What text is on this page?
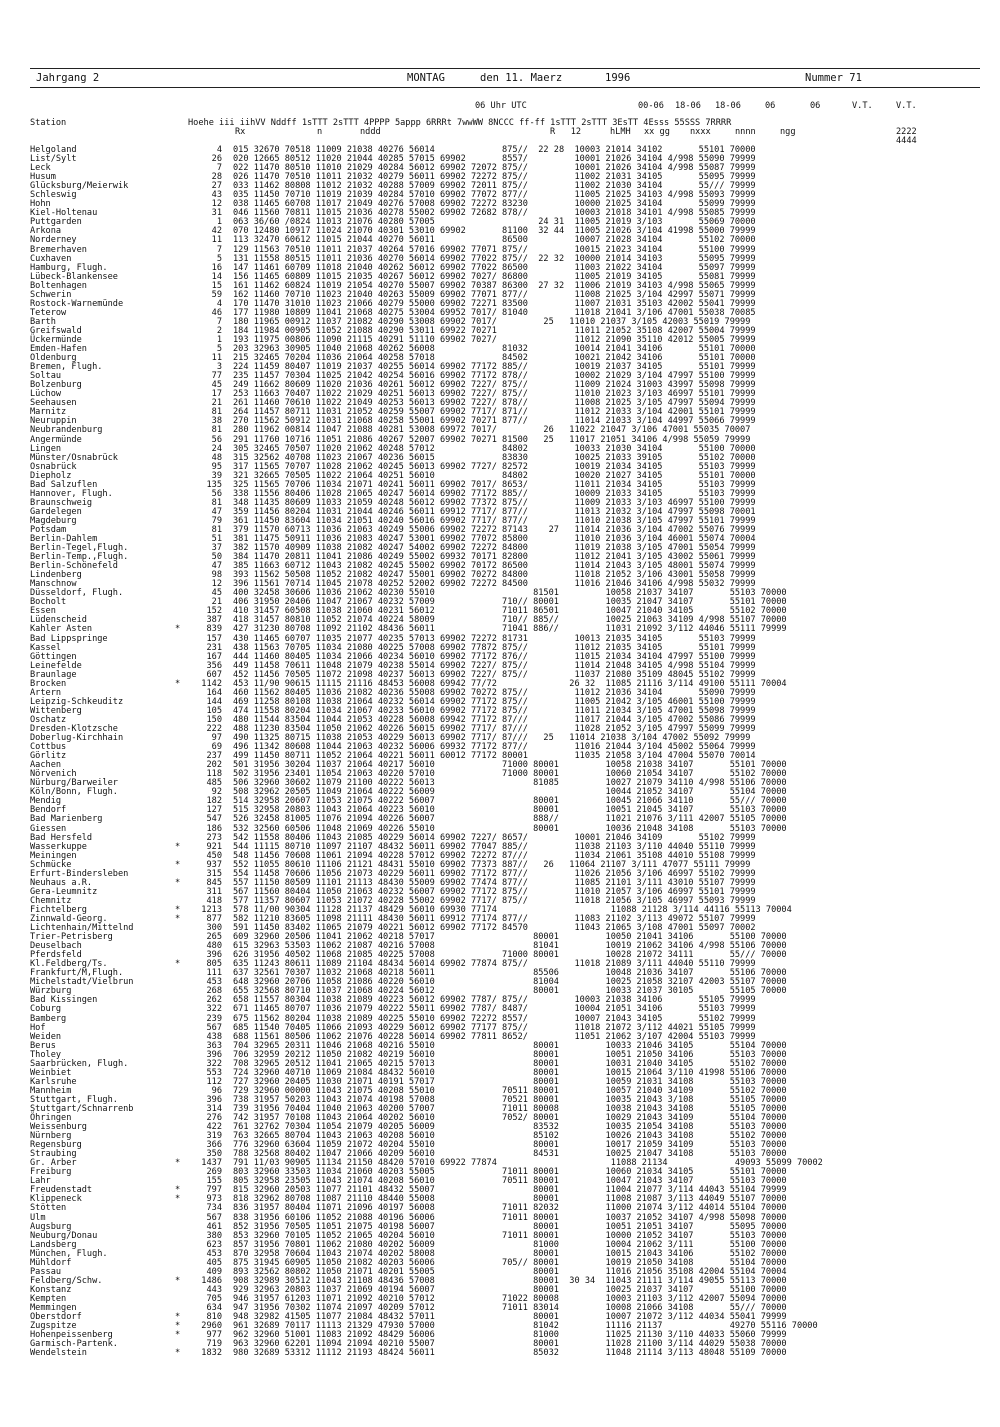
Jahrgang 2	MONTAG	den 11. Maerz	1996	Nummer 71

06 Uhr UTC

	00-06

18-06

18-06

	06

	06

	V.T.

	V.T.

Station

	Hoehe iii iihVV Nddff 1sTTT 2sTTT 4PPPP 5appp 6RRRt 7wwWW 8NCCC ff-ff 1sTTT 2sTTT 3EsTT 4Esss 55SSS 7RRRR

Rx

	n

	nddd

	R   12

	hLMH

xx gg

nxxx

	nnnn

	ngg

	2222

4444

Helgoland	4 015 32670 70518 11009 21038 40276 56014             875//  22 28  10003 21014 34102       55101 70000
List/Sylt	26 020 12665 80512 11020 21044 40285 57015 69902       8557/         10001 21026 34104 4/998 55090 79999
Leck	7 022 11470 80510 11010 21029 40284 56012 69902 72072 875//         10001 21026 34104 4/998 55087 79999
Husum	28 026 11470 70510 11011 21032 40279 56011 69902 72272 875//         11002 21031 34105       55095 79999
Glücksburg/Meierwik	27 033 11462 80808 11012 21032 40288 57009 69902 72011 875//         11002 21030 34104       55/// 79999
Schleswig	43 035 11450 70710 11019 21039 40284 57010 69902 77072 877//         11005 21025 34103 4/998 55093 79999
Hohn	12 038 11465 60708 11017 21049 40276 57008 69902 72272 83230         10000 21025 34104       55099 79999
Kiel-Holtenau	31 046 11560 70811 11015 21036 40278 55002 69902 72682 878//         10003 21018 34101 4/998 55085 79999
Puttgarden	1 063 36/60 /0824 11013 21076 40280 57005                    24 31  11005 21019 3/103       55069 70000
Arkona	42 070 12480 10917 11024 21070 40301 53010 69902       81100  32 44  11005 21026 3/104 41998 55000 79999
Norderney	11 113 32470 60612 11015 21044 40270 56011             86500         10007 21028 34104       55102 70000
Bremerhaven	7 129 11563 70510 11011 21037 40264 57016 69902 77071 875//         10015 21023 34104       55100 79999
Cuxhaven	5 131 11558 80515 11011 21036 40270 56014 69902 77022 875//  22 32  10000 21014 34103       55095 79999
Hamburg, Flugh.	16 147 11461 60709 11018 21040 40262 56012 69902 77022 86500         11003 21022 34104       55097 79999
Lübeck-Blankensee	14 156 11465 60809 11015 21035 40267 56012 69902 7027/ 86800         11005 21019 34105       55081 79999
Boltenhagen	15 161 11462 60824 11019 21054 40270 55007 69902 70387 86300  27 32  11006 21019 34103 4/998 55065 79999
Schwerin	59 162 11460 70710 11023 21040 40263 55009 69902 77071 877//         11008 21025 3/104 42997 55071 79999
Rostock-Warnemünde	4 170 11470 31010 11023 21066 40279 55000 69902 72271 83500         11007 21031 35103 42002 55041 79999
Teterow	46 177 11980 10809 11041 21068 40275 53004 69952 7017/ 81040         11018 21041 3/106 47001 55038 70085
Barth	7 180 11965 00912 11037 21082 40290 53008 69902 7017/         25   11010 21037 3/105 42003 55019 79999
Greifswald	2 184 11984 00905 11052 21088 40290 53011 69922 70271               11011 21052 35108 42007 55004 79999
Ückermünde	1 193 11975 00806 11090 21115 40291 51110 69902 7027/               11012 21090 35110 42012 55005 79999
Emden-Hafen	5 203 32963 30905 11040 21068 40262 56008             81032         10014 21041 34106       55101 70000
Oldenburg	11 215 32465 70204 11036 21064 40258 57018             84502         10021 21042 34106       55101 70000
Bremen, Flugh.	3 224 11459 80407 11019 21037 40255 56014 69902 77172 885//         10019 21037 34105       55101 79999
Soltau	77 235 11457 70304 11025 21042 40254 56016 69902 77172 878//         10002 21029 3/104 47997 55100 79999
Bolzenburg	45 249 11662 80609 11020 21036 40261 56012 69902 7227/ 875//         11009 21024 31003 43997 55098 79999
Lüchow	17 253 11663 70407 11022 21029 40251 56013 69902 7227/ 875//         11010 21023 3/103 46997 55101 79999
Seehausen	21 261 11460 70610 11022 21049 40253 56013 69902 7227/ 878//         11008 21025 3/105 47997 55094 79999
Marnitz	81 264 11457 80711 11031 21052 40259 55007 69902 7717/ 871//         11012 21033 3/104 42001 55101 79999
Neuruppin	38 270 11562 50912 11031 21068 40258 55001 69902 70271 877//         11014 21033 3/104 44997 55066 79999
Neubrandenburg	81 280 11962 00814 11047 21088 40281 53008 69972 7017/         26   11022 21047 3/106 47001 55035 70007
Angermünde	56 291 11760 10716 11051 21086 40267 52007 69902 70271 81500   25   11017 21051 34106 4/998 55059 79999
Lingen	24 305 32465 70507 11020 21062 40248 57012             84802         10033 21030 34104       55100 70000
Münster/Osnabrück	48 315 32562 40708 11023 21067 40236 56015             83830         10025 21033 39105       55102 70000
Osnabrück	95 317 11565 70707 11028 21062 40245 56013 69902 7727/ 82572         10019 21034 34105       55103 79999
Diepholz	39 321 32665 70505 11022 21064 40251 56010             84802         10020 21027 34105       55101 70000
Bad Salzuflen	135 325 11565 70706 11034 21071 40241 56011 69902 7017/ 8653/         11011 21034 34105       55103 79999
Hannover, Flugh.	56 338 11556 80406 11028 21065 40247 56014 69902 77172 885//         10009 21033 34105       55103 79999
Braunschweig	81 348 11435 80609 11033 21059 40248 56012 69902 77372 875//         11009 21033 3/103 46997 55100 79999
Gardelegen	47 359 11456 80204 11031 21044 40246 56011 69912 7717/ 877//         11013 21032 3/104 47997 55098 70001
Magdeburg	79 361 11450 83604 11034 21051 40240 56016 69902 7717/ 877//         11010 21038 3/105 47997 55101 79999
Potsdam	81 379 11570 60713 11036 21063 40249 55006 69902 72272 87143    27   11014 21036 3/104 47002 55076 79999
Berlin-Dahlem	51 381 11475 50911 11036 21083 40247 53001 69902 77072 85800         11010 21036 3/104 46001 55074 70004
Berlin-Tegel,Flugh.	37 382 11570 40909 11038 21082 40247 54002 69902 72272 84800         11019 21038 3/105 47001 55054 79999
Berlin-Temp.,Flugh.	50 384 11470 20811 11041 21086 40249 55002 69932 70171 82800         11012 21041 3/105 43002 55061 79999
Berlin-Schönefeld	47 385 11663 60712 11043 21082 40245 55002 69902 70172 86500         11014 21043 3/105 48001 55074 79999
Lindenberg	98 393 11562 50508 11052 21082 40247 55001 69902 70272 84800         11018 21052 3/106 43001 55058 79999
Manschnow	12 396 11561 70714 11045 21078 40252 52002 69902 72272 84500         11016 21046 34106 4/998 55032 79999
Düsseldorf, Flugh.	45 400 32458 30606 11036 21062 40230 55010                   81501         10058 21037 34107       55103 70000
Bocholt	21 406 31950 20406 11047 21067 40232 57009             710// 80001         10035 21047 34107       55101 70000
Essen	152 410 31457 60508 11038 21060 40231 56012             71011 86501         10047 21040 34105       55102 70000
Lüdenscheid	387 418 31457 80810 11052 21074 40224 58009             710// 885//         10025 21063 34109 4/998 55107 70000
Kahler Asten	*	839 427 31230 80708 11092 21102 48436 56011             71041 886//         11031 21092 3/112 44046 55111 79999
Bad Lippspringe	157 430 11465 60707 11035 21077 40235 57013 69902 72272 81731         10013 21035 34105       55103 79999
Kassel	231 438 11563 70705 11034 21080 40225 57008 69902 77872 875//         11012 21035 34105       55101 79999
Göttingen	167 444 11460 80405 11034 21066 40234 56010 69902 77172 876//         11015 21034 34104 47997 55100 79999
Leinefelde	356 449 11458 70611 11048 21079 40238 55014 69902 7227/ 875//         11014 21048 34105 4/998 55104 79999
Braunlage	607 452 11456 70505 11072 21098 40237 56013 69902 7227/ 875//         11037 21080 35109 48045 55102 79999
Brocken	*	1142 453 11/90 90615 11115 21116 48453 56008 69942 77/72              26 32  11085 21116 3/114 49100 55111 70004
Artern	164 460 11562 80405 11036 21082 40236 55008 69902 70272 875//         11012 21036 34104       55090 79999
Leipzig-Schkeuditz	144 469 11258 80108 11038 21064 40232 56014 69902 77172 875//         11005 21042 3/105 46001 55100 79999
Wittenberg	105 474 11558 80204 11034 21067 40233 56010 69902 77172 875//         11011 21034 3/105 47001 55098 79999
Oschatz	150 480 11544 83504 11044 21053 40228 56008 69942 77172 87///         11017 21044 3/105 47002 55086 79999
Dresden-Klotzsche	222 488 11230 83504 11050 21062 40226 56015 69902 7717/ 87///         11028 21052 3/105 47997 55099 79999
Doberlug-Kirchhain	97 490 11325 80715 11038 21053 40229 56013 69902 7717/ 87///   25   11014 21038 3/104 47002 55092 79999
Cottbus	69 496 11342 80608 11044 21063 40232 56006 69932 77172 877//         11016 21044 3/104 45002 55064 79999
Görlitz	237 499 11450 80711 11052 21064 40221 56011 60012 77172 80001         11035 21058 3/104 47004 55070 70014
Aachen	202 501 31956 30204 11037 21064 40217 56010             71000 80001         10058 21038 34107       55101 70000
Nörvenich	118 502 31956 23401 11054 21063 40220 57010             71000 80001         10060 21054 34107       55102 70000
Nürburg/Barweiler	485 506 32960 30602 11079 21100 40222 56013                   81085         10027 21079 34110 4/998 55106 70000
Köln/Bonn, Flugh.	92 508 32962 20505 11049 21064 40222 56009                                 10044 21052 34107       55104 70000
Mendig	182 514 32958 20607 11053 21075 40222 56007                   80001         10045 21066 34110       55/// 70000
Bendorf	127 515 32958 20803 11043 21064 40223 56010                   80001         10051 21045 34107       55103 70000
Bad Marienberg	547 526 32458 81005 11076 21094 40226 56007                   888//         11021 21076 3/111 42007 55105 70000
Giessen	186 532 32560 60506 11048 21069 40226 55010                   80001         10036 21048 34108       55103 70000
Bad Hersfeld	273 542 11558 80406 11043 21085 40229 56014 69902 7227/ 8657/         10001 21046 34109       55102 79999
Wasserkuppe	*	921 544 11115 80710 11097 21107 48432 56011 69902 77047 885//         11038 21103 3/110 44040 55110 79999
Meiningen	450 548 11456 70608 11061 21094 40228 57012 69902 72272 87///         11034 21061 35108 44010 55108 79999
Schmücke	*	937 552 11055 80610 11106 21121 48431 55010 69902 77373 887//   26   11064 21107 3/111 47077 55111 79999
Erfurt-Bindersleben	315 554 11458 70606 11056 21073 40229 56011 69902 77172 877//         11026 21056 3/106 46997 55102 79999
Neuhaus a.R.	*	845 557 11150 80509 11101 21113 48430 55009 69902 77474 877//         11085 21101 3/111 43010 55107 79999
Gera-Leumnitz	311 567 11560 80404 11050 21063 40232 56007 69902 77172 875//         11010 21057 3/106 46997 55101 79999
Chemnitz	418 577 11357 80607 11053 21072 40228 55002 69902 7717/ 875//         11018 21056 3/105 46997 55093 79999
Fichtelberg	*	1213 578 11/00 90304 11128 21137 48429 56010 69930 77174                      11088 21128 3/114 44116 55113 70004
Zinnwald-Georg.	*	877 582 11210 83605 11098 21111 48430 56011 69912 77174 877//         11083 21102 3/113 49072 55107 79999
Lichtenhain/Mittelnd	300 591 11450 83402 11065 21079 40221 56012 69902 77172 84570         11043 21065 3/108 47001 55097 70002
Trier-Petrisberg	265 609 32960 20506 11041 21062 40218 57017                   80001         10050 21041 34106       55100 70000
Deuselbach	480 615 32963 53503 11062 21087 40216 57008                   81041         10019 21062 34106 4/998 55106 70000
Pferdsfeld	396 626 31956 40502 11068 21085 40225 57008             71000 80001         10028 21072 34111       55/// 70000
Kl.Feldberg/Ts.	*	805 635 11243 80611 11089 21104 48434 56014 69902 77874 875//         11018 21089 3/111 44040 55110 79999
Frankfurt/M,Flugh.	111 637 32561 70307 11032 21068 40218 56011                   85506         10048 21036 34107       55106 70000
Michelstadt/Vielbrun	453 648 32960 20706 11058 21086 40220 56010                   81004         10025 21058 32107 42003 55107 70000
Würzburg	268 655 32568 80710 11037 21068 40224 56012                   80001         10033 21037 30105       55105 70000
Bad Kissingen	262 658 11557 80304 11038 21089 40223 56012 69902 7787/ 875//         10003 21038 34106       55105 79999
Coburg	322 671 11465 80707 11036 21079 40222 55011 69902 7787/ 8487/         10004 21051 34106       55103 79999
Bamberg	239 675 11562 80204 11038 21089 40225 55010 69902 72272 8557/         10007 21043 34105       55102 79999
Hof	567 685 11540 70405 11066 21093 40229 56012 69902 77177 875//         11018 21072 3/112 44021 55105 79999
Weiden	438 688 11561 80506 11062 21076 40228 56014 69902 77811 8652/         11051 21062 3/107 42004 55103 79999
Berus	363 704 32965 20311 11046 21068 40216 55010                   80001         10033 21046 34105       55104 70000
Tholey	396 706 32959 20212 11050 21082 40219 56010                   80001         10051 21050 34106       55103 70000
Saarbrücken, Flugh.	322 708 32965 20512 11041 21065 40215 57013                   80001         10031 21040 34105       55102 70000
Weinbiet	553 724 32960 40710 11069 21084 48432 56010                   80001         10015 21064 3/110 41998 55106 70000
Karlsruhe	112 727 32960 20405 11030 21071 40191 57017                   80001         10059 21031 34108       55103 70000
Mannheim	96 729 32960 00000 11043 21075 40208 55010             70511 80001         10057 21040 34109       55102 70000
Stuttgart, Flugh.	396 738 31957 50203 11043 21074 40198 57008             70521 80001         10035 21043 3/108       55105 70000
Stuttgart/Schnarrenb	314 739 31956 70404 11040 21063 40200 57007             71011 80008         10038 21043 34108       55105 70000
Öhringen	276 742 31957 70108 11043 21064 40202 56010             7052/ 80001         10029 21043 34109       55104 70000
Weissenburg	422 761 32762 70304 11054 21079 40205 56009                   83532         10035 21054 34108       55103 70000
Nürnberg	319 763 32665 80704 11043 21063 40208 56010                   85102         10026 21043 34108       55102 70000
Regensburg	366 776 32960 63604 11059 21072 40204 55010                   80001         10017 21059 34109       55103 70000
Straubing	350 788 32568 80402 11047 21066 40209 56010                   84531         10025 21047 34108       55103 70000
Gr. Arber	*	1437 791 11/03 90905 11134 21150 48420 57010 69922 77874                      11088 21134             49093 55099 70002
Freiburg	269 803 32960 33503 11034 21060 40203 55005             71011 80001         10060 21034 34105       55101 70000
Lahr	155 805 32958 23505 11043 21074 40208 56010             70511 80001         10047 21043 34107       55103 70000
Freudenstadt	*	797 815 32960 20503 11077 21101 48432 55007                   80001         11004 21077 3/114 44043 55104 79999
Klippeneck	*	973 818 32962 80708 11087 21110 48440 55008                   80001         11008 21087 3/113 44049 55107 70000
Stötten	734 836 31957 80404 11071 21096 40197 56008             71011 82032         11000 21074 3/112 44014 55104 70000
Ulm	567 838 31956 60106 11052 21088 40196 56006             71011 80001         10037 21052 34107 4/998 55098 70000
Augsburg	461 852 31956 70505 11051 21075 40198 56007                   80001         10051 21051 34107       55095 70000
Neuburg/Donau	380 853 32960 70105 11052 21065 40204 56010             71011 80001         10000 21052 34107       55103 70000
Landsberg	623 857 31956 70801 11062 21080 40202 56009                   81000         10004 21062 3/111       55100 70000
München, Flugh.	453 870 32958 70604 11043 21074 40202 58008                   80001         10015 21043 34106       55102 70000
Mühldorf	405 875 31945 60905 11050 21082 40203 56006             705// 80001         10019 21050 34108       55104 70000
Passau	409 893 32562 80802 11050 21071 40201 55005                   80001         11016 21056 35108 42004 55104 70004
Feldberg/Schw.	*	1486 908 32989 30512 11043 21108 48436 57008                   80001  30 34  11043 21111 3/114 49055 55113 70000
Konstanz	443 929 32963 20803 11037 21069 40194 56007                   80001         10025 21037 34107       55100 70000
Kempten	705 946 31957 61203 11071 21092 40210 57012             71022 80008         10003 21103 3/112 42007 55094 70000
Memmingen	634 947 31956 70302 11074 21097 40209 57012             71011 83014         10008 21066 34108       55/// 70000
Oberstdorf	*	810 948 32982 41505 11077 21084 48432 57011                   80001         10007 21072 3/112 44034 55041 79999
Zugspitze	*	2960 961 32689 70117 11113 21329 47930 57000                   81042         11116 21137             49270 55116 70000
Hohenpeissenberg	*	977 962 32960 51001 11083 21092 48429 56006                   81000         11025 21130 3/110 44033 55060 79999
Garmisch-Partenk.	719 963 32960 62201 11094 21094 40210 55007                   80001         11028 21100 3/114 44029 55038 70000
Wendelstein	*	1832 980 32689 53312 11112 21193 48424 56011                   85032         11048 21114 3/113 48048 55109 70000
